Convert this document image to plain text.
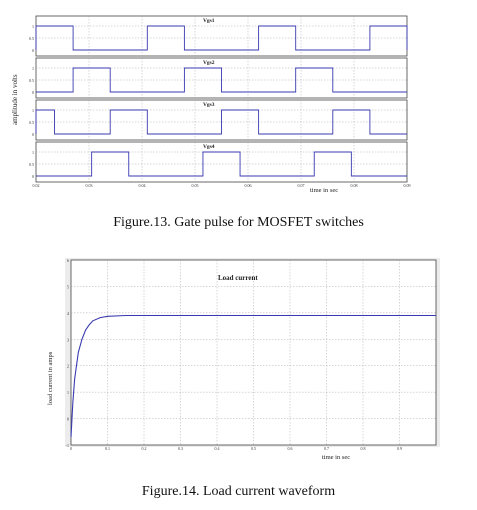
1
0.5
0
Vgs1
1
0.5
0
Vgs2
1
0.5
0
Vgs3
1
0.5
0
Vgs4
0.02	0.03	0.04	0.05	0.06	0.07	0.08	0.09
amplitude in volts
time in sec
Figure.13. Gate pulse for MOSFET switches
6
5
4
3
2
1
0
-1
0	0.1	0.2	0.3	0.4	0.5	0.6	0.7	0.8	0.9
Load current
load current in amps
time in sec
Figure.14. Load current waveform
